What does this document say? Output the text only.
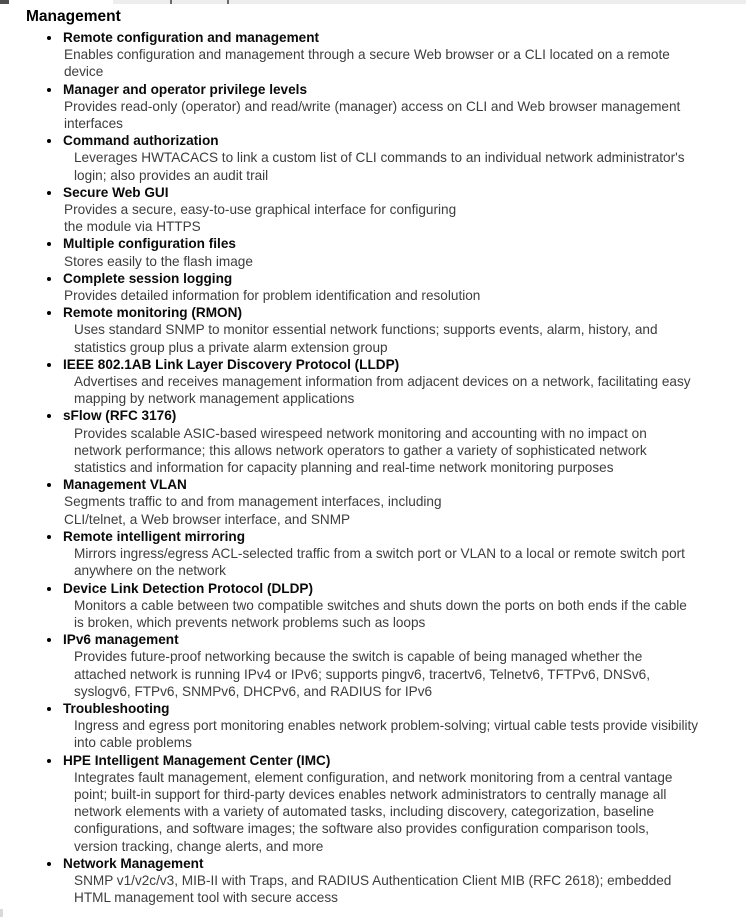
Management
Remote configuration and management
Enables configuration and management through a secure Web browser or a CLI located on a remote
device
Manager and operator privilege levels
Provides read-only (operator) and read/write (manager) access on CLI and Web browser management
interfaces
Command authorization
Leverages HWTACACS to link a custom list of CLI commands to an individual network administrator's
login; also provides an audit trail
Secure Web GUI
Provides a secure, easy-to-use graphical interface for configuring
the module via HTTPS
Multiple configuration files
Stores easily to the flash image
Complete session logging
Provides detailed information for problem identification and resolution
Remote monitoring (RMON)
Uses standard SNMP to monitor essential network functions; supports events, alarm, history, and
statistics group plus a private alarm extension group
IEEE 802.1AB Link Layer Discovery Protocol (LLDP)
Advertises and receives management information from adjacent devices on a network, facilitating easy
mapping by network management applications
sFlow (RFC 3176)
Provides scalable ASIC-based wirespeed network monitoring and accounting with no impact on
network performance; this allows network operators to gather a variety of sophisticated network
statistics and information for capacity planning and real-time network monitoring purposes
Management VLAN
Segments traffic to and from management interfaces, including
CLI/telnet, a Web browser interface, and SNMP
Remote intelligent mirroring
Mirrors ingress/egress ACL-selected traffic from a switch port or VLAN to a local or remote switch port
anywhere on the network
Device Link Detection Protocol (DLDP)
Monitors a cable between two compatible switches and shuts down the ports on both ends if the cable
is broken, which prevents network problems such as loops
IPv6 management
Provides future-proof networking because the switch is capable of being managed whether the
attached network is running IPv4 or IPv6; supports pingv6, tracertv6, Telnetv6, TFTPv6, DNSv6,
syslogv6, FTPv6, SNMPv6, DHCPv6, and RADIUS for IPv6
Troubleshooting
Ingress and egress port monitoring enables network problem-solving; virtual cable tests provide visibility
into cable problems
HPE Intelligent Management Center (IMC)
Integrates fault management, element configuration, and network monitoring from a central vantage
point; built-in support for third-party devices enables network administrators to centrally manage all
network elements with a variety of automated tasks, including discovery, categorization, baseline
configurations, and software images; the software also provides configuration comparison tools,
version tracking, change alerts, and more
Network Management
SNMP v1/v2c/v3, MIB-II with Traps, and RADIUS Authentication Client MIB (RFC 2618); embedded
HTML management tool with secure access
